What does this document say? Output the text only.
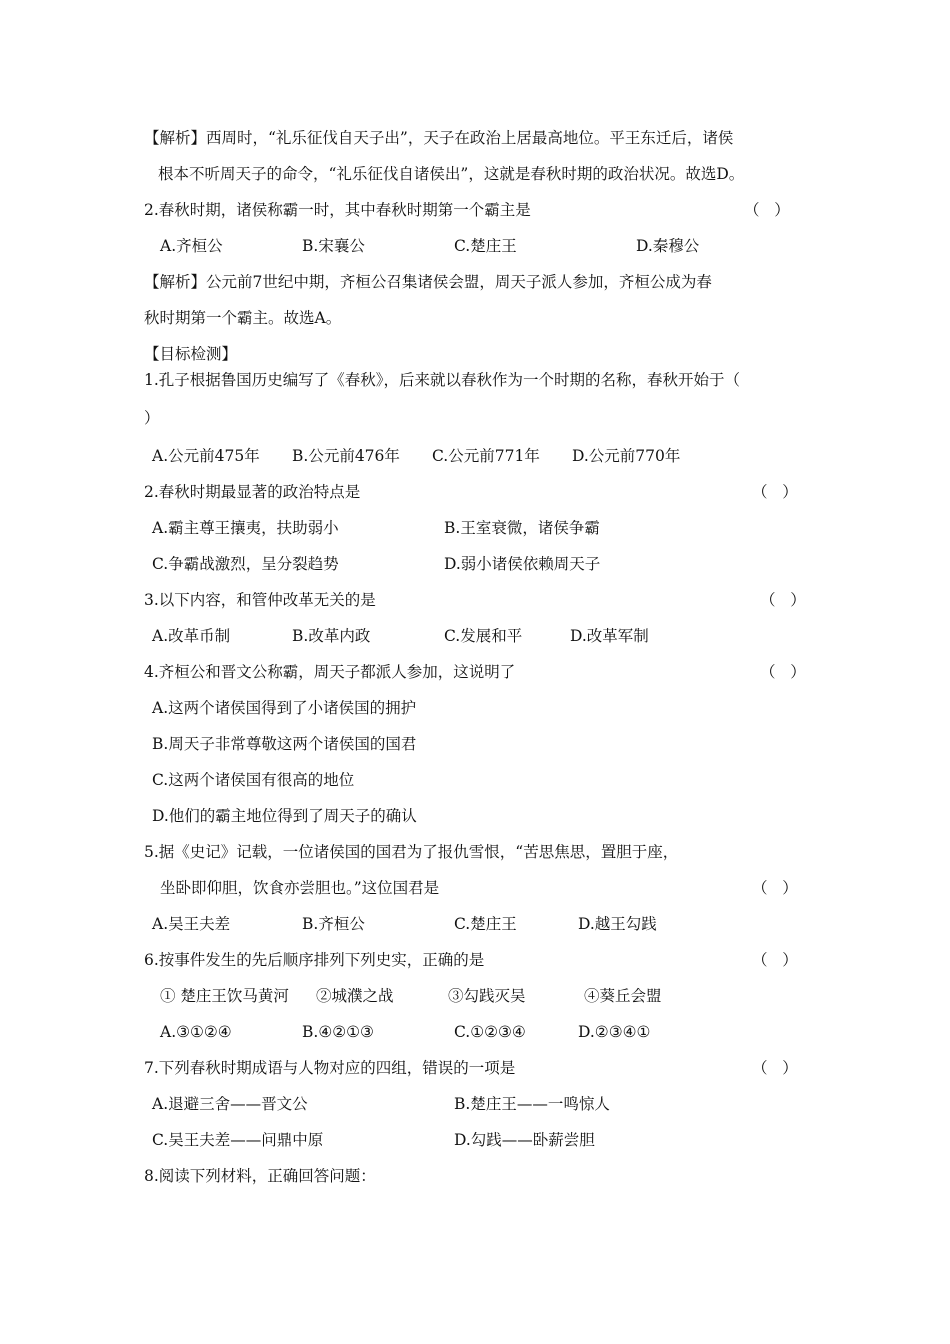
【解析】西周时，“礼乐征伐自天子出”，天子在政治上居最高地位。平王东迁后，诸侯
根本不听周天子的命令，“礼乐征伐自诸侯出”，这就是春秋时期的政治状况。故选D。
2.春秋时期，诸侯称霸一时，其中春秋时期第一个霸主是	（   ）
A.齐桓公	B.宋襄公	C.楚庄王	D.秦穆公
【解析】公元前7世纪中期，齐桓公召集诸侯会盟，周天子派人参加，齐桓公成为春
秋时期第一个霸主。故选A。
【目标检测】
1.孔子根据鲁国历史编写了《春秋》，后来就以春秋作为一个时期的名称，春秋开始于（
）
A.公元前475年 B.公元前476年 C.公元前771年 D.公元前770年
2.春秋时期最显著的政治特点是	（   ）
A.霸主尊王攘夷，扶助弱小	B.王室衰微，诸侯争霸
C.争霸战激烈，呈分裂趋势	D.弱小诸侯依赖周天子
3.以下内容，和管仲改革无关的是	（   ）
A.改革币制	B.改革内政	C.发展和平	D.改革军制
4.齐桓公和晋文公称霸，周天子都派人参加，这说明了	（   ）
A.这两个诸侯国得到了小诸侯国的拥护
B.周天子非常尊敬这两个诸侯国的国君
C.这两个诸侯国有很高的地位
D.他们的霸主地位得到了周天子的确认
5.据《史记》记载，一位诸侯国的国君为了报仇雪恨，“苦思焦思，置胆于座，
坐卧即仰胆，饮食亦尝胆也。”这位国君是	（   ）
A.吴王夫差	B.齐桓公	C.楚庄王	D.越王勾践
6.按事件发生的先后顺序排列下列史实，正确的是	（   ）
① 楚庄王饮马黄河 ②城濮之战	③勾践灭吴	④葵丘会盟
A.③①②④	B.④②①③	C.①②③④	D.②③④①
7.下列春秋时期成语与人物对应的四组，错误的一项是	（   ）
A.退避三舍——晋文公	B.楚庄王——一鸣惊人
C.吴王夫差——问鼎中原	D.勾践——卧薪尝胆
8.阅读下列材料，正确回答问题：
